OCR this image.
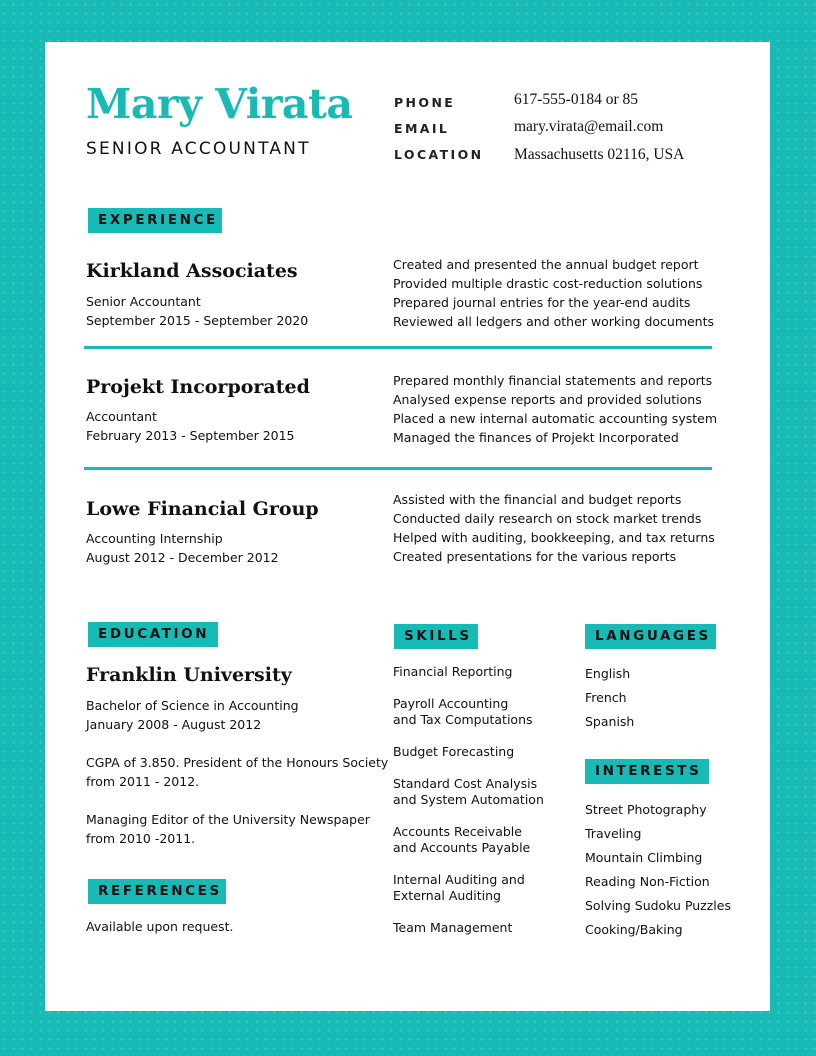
Mary Virata
SENIOR ACCOUNTANT
PHONE	617-555-0184 or 85
EMAIL	mary.virata@email.com
LOCATION Massachusetts 02116, USA
EXPERIENCE
Kirkland Associates
Senior Accountant
September 2015 - September 2020
Created and presented the annual budget report
Provided multiple drastic cost-reduction solutions
Prepared journal entries for the year-end audits
Reviewed all ledgers and other working documents
Projekt Incorporated
Accountant
February 2013 - September 2015
Prepared monthly financial statements and reports
Analysed expense reports and provided solutions
Placed a new internal automatic accounting system
Managed the finances of Projekt Incorporated
Lowe Financial Group
Accounting Internship
August 2012 - December 2012
Assisted with the financial and budget reports
Conducted daily research on stock market trends
Helped with auditing, bookkeeping, and tax returns
Created presentations for the various reports
EDUCATION
Franklin University
Bachelor of Science in Accounting
January 2008 - August 2012
CGPA of 3.850. President of the Honours Society
from 2011 - 2012.
Managing Editor of the University Newspaper
from 2010 -2011.
REFERENCES
Available upon request.
SKILLS
Financial Reporting
Payroll Accounting
and Tax Computations
Budget Forecasting
Standard Cost Analysis
and System Automation
Accounts Receivable
and Accounts Payable
Internal Auditing and
External Auditing
Team Management
LANGUAGES
English
French
Spanish
INTERESTS
Street Photography
Traveling
Mountain Climbing
Reading Non-Fiction
Solving Sudoku Puzzles
Cooking/Baking
